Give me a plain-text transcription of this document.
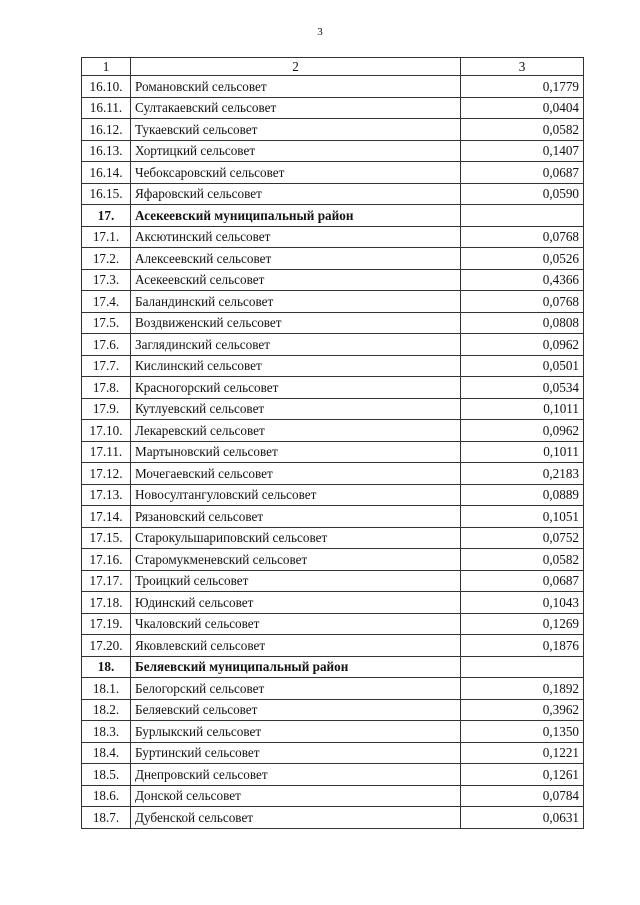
3
1	2	3
16.10.	Романовский сельсовет	0,1779
16.11.	Султакаевский сельсовет	0,0404
16.12.	Тукаевский сельсовет	0,0582
16.13.	Хортицкий сельсовет	0,1407
16.14.	Чебоксаровский сельсовет	0,0687
16.15.	Яфаровский сельсовет	0,0590
17.	Асекеевский муниципальный район	
17.1.	Аксютинский сельсовет	0,0768
17.2.	Алексеевский сельсовет	0,0526
17.3.	Асекеевский сельсовет	0,4366
17.4.	Баландинский сельсовет	0,0768
17.5.	Воздвиженский сельсовет	0,0808
17.6.	Заглядинский сельсовет	0,0962
17.7.	Кислинский сельсовет	0,0501
17.8.	Красногорский сельсовет	0,0534
17.9.	Кутлуевский сельсовет	0,1011
17.10.	Лекаревский сельсовет	0,0962
17.11.	Мартыновский сельсовет	0,1011
17.12.	Мочегаевский сельсовет	0,2183
17.13.	Новосултангуловский сельсовет	0,0889
17.14.	Рязановский сельсовет	0,1051
17.15.	Старокульшариповский сельсовет	0,0752
17.16.	Старомукменевский сельсовет	0,0582
17.17.	Троицкий сельсовет	0,0687
17.18.	Юдинский сельсовет	0,1043
17.19.	Чкаловский сельсовет	0,1269
17.20.	Яковлевский сельсовет	0,1876
18.	Беляевский муниципальный район	
18.1.	Белогорский сельсовет	0,1892
18.2.	Беляевский сельсовет	0,3962
18.3.	Бурлыкский сельсовет	0,1350
18.4.	Буртинский сельсовет	0,1221
18.5.	Днепровский сельсовет	0,1261
18.6.	Донской сельсовет	0,0784
18.7.	Дубенской сельсовет	0,0631
